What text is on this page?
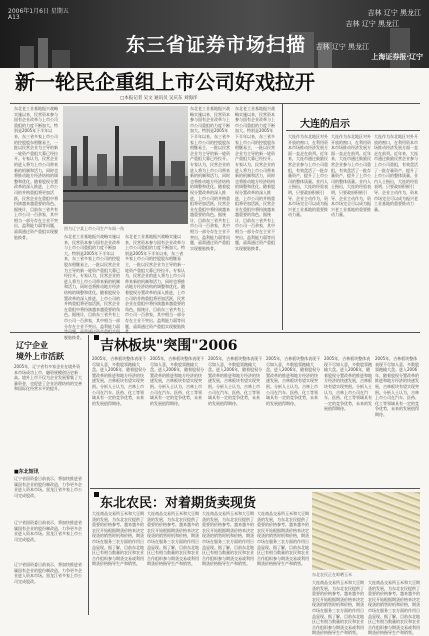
2006年1月6日 星期五
A13
吉林 辽宁 黑龙江
吉林 辽宁 黑龙江
吉林 辽宁 黑龙江
上海证券报·辽宁
东三省证券市场扫描
新一轮民企重组上市公司好戏拉开
□本报记者 吴文 通讯员 吴庆东 刘海洋
东北老工业基地振兴战略实施以来，民营资本参与国有企业改革与上市公司重组的力度不断加大。特别是2005年下半年以来，东三省多家上市公司的控股股东相继易主，一批以民营企业为主导的新一轮资产重组大幕已经拉开。专家认为，民营企业的进入将为上市公司带来新的机制和活力，同时也将推动地方经济结构的调整和优化。随着股权分置改革的深入推进，上市公司的并购重组将更加活跃，民营企业在重组中将扮演越来越重要的角色。据统计，目前东三省共有上市公司一百余家，其中相当一部分存在主业不突出、盈利能力弱等问题，亟需通过资产重组实现脱胎换骨。
图为辽宁某上市公司生产车间一角
东北老工业基地振兴战略实施以来，民营资本参与国有企业改革与上市公司重组的力度不断加大。特别是2005年下半年以来，东三省多家上市公司的控股股东相继易主，一批以民营企业为主导的新一轮资产重组大幕已经拉开。专家认为，民营企业的进入将为上市公司带来新的机制和活力，同时也将推动地方经济结构的调整和优化。随着股权分置改革的深入推进，上市公司的并购重组将更加活跃，民营企业在重组中将扮演越来越重要的角色。据统计，目前东三省共有上市公司一百余家，其中相当一部分存在主业不突出、盈利能力弱等问题，亟需通过资产重组实现脱胎换骨。
东北老工业基地振兴战略实施以来，民营资本参与国有企业改革与上市公司重组的力度不断加大。特别是2005年下半年以来，东三省多家上市公司的控股股东相继易主，一批以民营企业为主导的新一轮资产重组大幕已经拉开。专家认为，民营企业的进入将为上市公司带来新的机制和活力，同时也将推动地方经济结构的调整和优化。随着股权分置改革的深入推进，上市公司的并购重组将更加活跃，民营企业在重组中将扮演越来越重要的角色。据统计，目前东三省共有上市公司一百余家，其中相当一部分存在主业不突出、盈利能力弱等问题，亟需通过资产重组实现脱胎换骨。
东北老工业基地振兴战略实施以来，民营资本参与国有企业改革与上市公司重组的力度不断加大。特别是2005年下半年以来，东三省多家上市公司的控股股东相继易主，一批以民营企业为主导的新一轮资产重组大幕已经拉开。专家认为，民营企业的进入将为上市公司带来新的机制和活力，同时也将推动地方经济结构的调整和优化。随着股权分置改革的深入推进，上市公司的并购重组将更加活跃，民营企业在重组中将扮演越来越重要的角色。据统计，目前东三省共有上市公司一百余家，其中相当一部分存在主业不突出、盈利能力弱 脱胎换骨。
东北老工业基地振兴战略实施以来，民营资本参与国有企业改革与上市公司重组的力度不断加大。特别是2005年下半年以来，东三省多家上市公司的控股股东相继易主，一批以民营企业为主导的新一轮资产重组大幕已经拉开。专家认为，民营企业的进入将为上市公司带来新的机制和活力，同时也将推动地方经济结构的调整和优化。随着股权分置改革的深入推进，上市公司的并购重组将更加活跃，民营企业在重组中将扮演越来越重要的角色。据统计，目前东三省共有上市公司一百余家，其中相当一部分存在主业不突出、盈利能力弱等问题，亟需通过资产重组实现脱胎换
大连的启示
大连作为东北地区对外开放的窗口，在利用资本市场推动经济发展方面一直走在前列。近年来，大连市通过鼓励民营企业参与上市公司重组，有效盘活了一批存量资产，提升了上市公司的整体质量。业内人士指出，大连的经验表明，只要政府积极引导、企业主动作为，资本市场完全可以成为振兴老工业基地的重要推动力量。
大连作为东北地区对外开放的窗口，在利用资本市场推动经济发展方面一直走在前列。近年来，大连市通过鼓励民营企业参与上市公司重组，有效盘活了一批存量资产，提升了上市公司的整体质量。业内人士指出，大连的经验表明，只要政府积极引导、企业主动作为，资本市场完全可以成为振兴老工业基地的重要推动力量。
大连作为东北地区对外开放的窗口，在利用资本市场推动经济发展方面一直走在前列。近年来，大连市通过鼓励民营企业参与上市公司重组，有效盘活了一批存量资产，提升了上市公司的整体质量。业内人士指出，大连的经验表明，只要政府积极引导、企业主动作为，资本市场完全可以成为振兴老工业基地的重要推动力量。
辽宁企业
境外上市活跃
2005年，辽宁省有多家企业在境外资本市场成功上市，融资规模创历史新高。境外上市不仅为企业发展筹集了大量资金，也促进了企业治理结构的完善和国际化经营水平的提升。
■东北短讯
辽宁省国资委日前表示，将加快推进省属国有企业的股份制改造，力争更多企业进入资本市场。黑龙江省多家上市公司完成股改。
辽宁省国资委日前表示，将加快推进省属国有企业的股份制改造，力争更多企业进入资本市场。黑龙江省多家上市公司完成股改。
辽宁省国资委日前表示，将加快推进省属国有企业的股份制改造，力争更多企业进入资本市场。黑龙江省多家上市公司完成股改。
吉林板块"突围"2006
2005年，吉林板块整体表现不尽如人意，多数股票跑输大盘。进入2006年，随着股权分置改革的推进和地方经济的快速发展，吉林板块有望实现突围。分析人士认为，吉林上市公司在汽车、医药、化工等领域具有一定的竞争优势，未来的发展值得期待。
2005年，吉林板块整体表现不尽如人意，多数股票跑输大盘。进入2006年，随着股权分置改革的推进和地方经济的快速发展，吉林板块有望实现突围。分析人士认为，吉林上市公司在汽车、医药、化工等领域具有一定的竞争优势，未来的发展值得期待。
2005年，吉林板块整体表现不尽如人意，多数股票跑输大盘。进入2006年，随着股权分置改革的推进和地方经济的快速发展，吉林板块有望实现突围。分析人士认为，吉林上市公司在汽车、医药、化工等领域具有一定的竞争优势，未来的发展值得期待。
2005年，吉林板块整体表现不尽如人意，多数股票跑输大盘。进入2006年，随着股权分置改革的推进和地方经济的快速发展，吉林板块有望实现突围。分析人士认为，吉林上市公司在汽车、医药、化工等领域具有一定的竞争优势，未来的发展值得期待。
2005年，吉林板块整体表现不尽如人意，多数股票跑输大盘。进入2006年，随着股权分置改革的推进和地方经济的快速发展，吉林板块有望实现突围。分析人士认为，吉林上市公司在汽车、医药、化工等领域具有一定的竞争优势，未来的发展值得期待。
2005年，吉林板块整体表现不尽如人意，多数股票跑输大盘。进入2006年，随着股权分置改革的推进和地方经济的快速发展，吉林板块有望实现突围。分析人士认为，吉林上市公司在汽车、医药、化工等领域具有一定的竞争优势，未来的发展值得期待。
东北农民：对着期货卖现货
大连商品交易所玉米和大豆期货的发展，为东北农民提供了重要的价格参考。越来越多的农民开始根据期货价格来决定现货的销售时机和价格，期货市场在服务三农方面的作用日益显现。据了解，目前东北地区已有相当数量的农民和农业合作组织参与期货交易或利用期货价格指导生产和销售。
大连商品交易所玉米和大豆期货的发展，为东北农民提供了重要的价格参考。越来越多的农民开始根据期货价格来决定现货的销售时机和价格，期货市场在服务三农方面的作用日益显现。据了解，目前东北地区已有相当数量的农民和农业合作组织参与期货交易或利用期货价格指导生产和销售。
大连商品交易所玉米和大豆期货的发展，为东北农民提供了重要的价格参考。越来越多的农民开始根据期货价格来决定现货的销售时机和价格，期货市场在服务三农方面的作用日益显现。据了解，目前东北地区已有相当数量的农民和农业合作组织参与期货交易或利用期货价格指导生产和销售。
大连商品交易所玉米和大豆期货的发展，为东北农民提供了重要的价格参考。越来越多的农民开始根据期货价格来决定现货的销售时机和价格，期货市场在服务三农方面的作用日益显现。据了解，目前东北地区已有相当数量的农民和农业合作组织参与期货交易或利用期货价格指导生产和销售。
东北农民正在晾晒玉米
大连商品交易所玉米和大豆期货的发展，为东北农民提供了重要的价格参考。越来越多的农民开始根据期货价格来决定现货的销售时机和价格，期货市场在服务三农方面的作用日益显现。据了解，目前东北地区已有相当数量的农民和农业合作组织参与期货交易或利用期货价格指导生产和销售。
大连商品交易所玉米和大豆期货的发展，为东北农民提供了重要的价格参考。越来越多的农民开始根据期货价格来决定现货的销售时机和价格，期货市场在服务三农方面的作用日益显现。据了解，目前东北地区已有相当数量的农民和农业合作组织参与期货交易或利用期货价格指导生产和销售。
